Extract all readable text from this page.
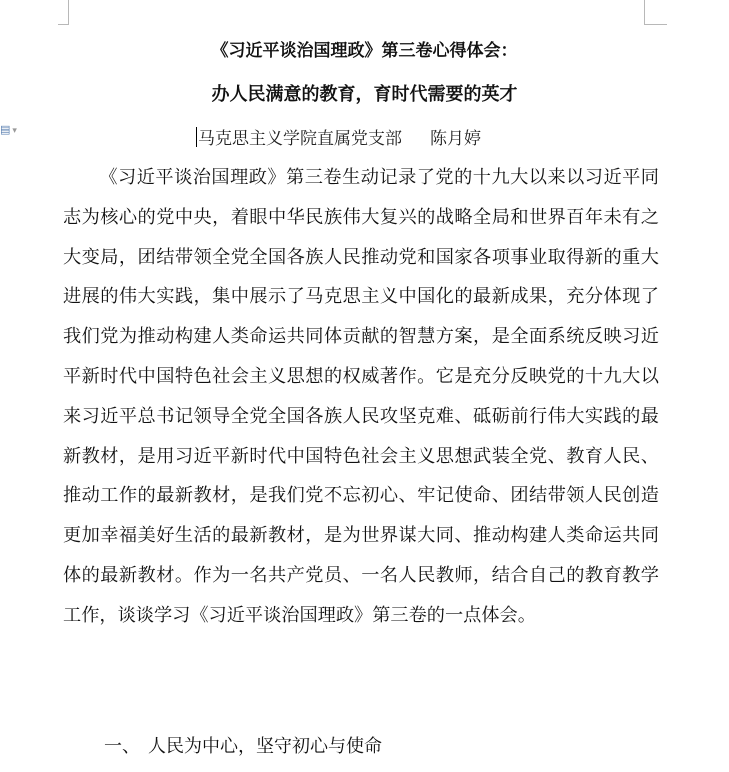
▤ ▾
《习近平谈治国理政》第三卷心得体会：
办人民满意的教育，育时代需要的英才
马克思主义学院直属党支部 陈月婷

《习近平谈治国理政》第三卷生动记录了党的十九大以来以习近平同志为核心的党中央，着眼中华民族伟大复兴的战略全局和世界百年未有之大变局，团结带领全党全国各族人民推动党和国家各项事业取得新的重大进展的伟大实践，集中展示了马克思主义中国化的最新成果，充分体现了我们党为推动构建人类命运共同体贡献的智慧方案，是全面系统反映习近平新时代中国特色社会主义思想的权威著作。它是充分反映党的十九大以来习近平总书记领导全党全国各族人民攻坚克难、砥砺前行伟大实践的最新教材，是用习近平新时代中国特色社会主义思想武装全党、教育人民、推动工作的最新教材，是我们党不忘初心、牢记使命、团结带领人民创造更加幸福美好生活的最新教材，是为世界谋大同、推动构建人类命运共同体的最新教材。作为一名共产党员、一名人民教师，结合自己的教育教学工作，谈谈学习《习近平谈治国理政》第三卷的一点体会。

一、 人民为中心，坚守初心与使命
